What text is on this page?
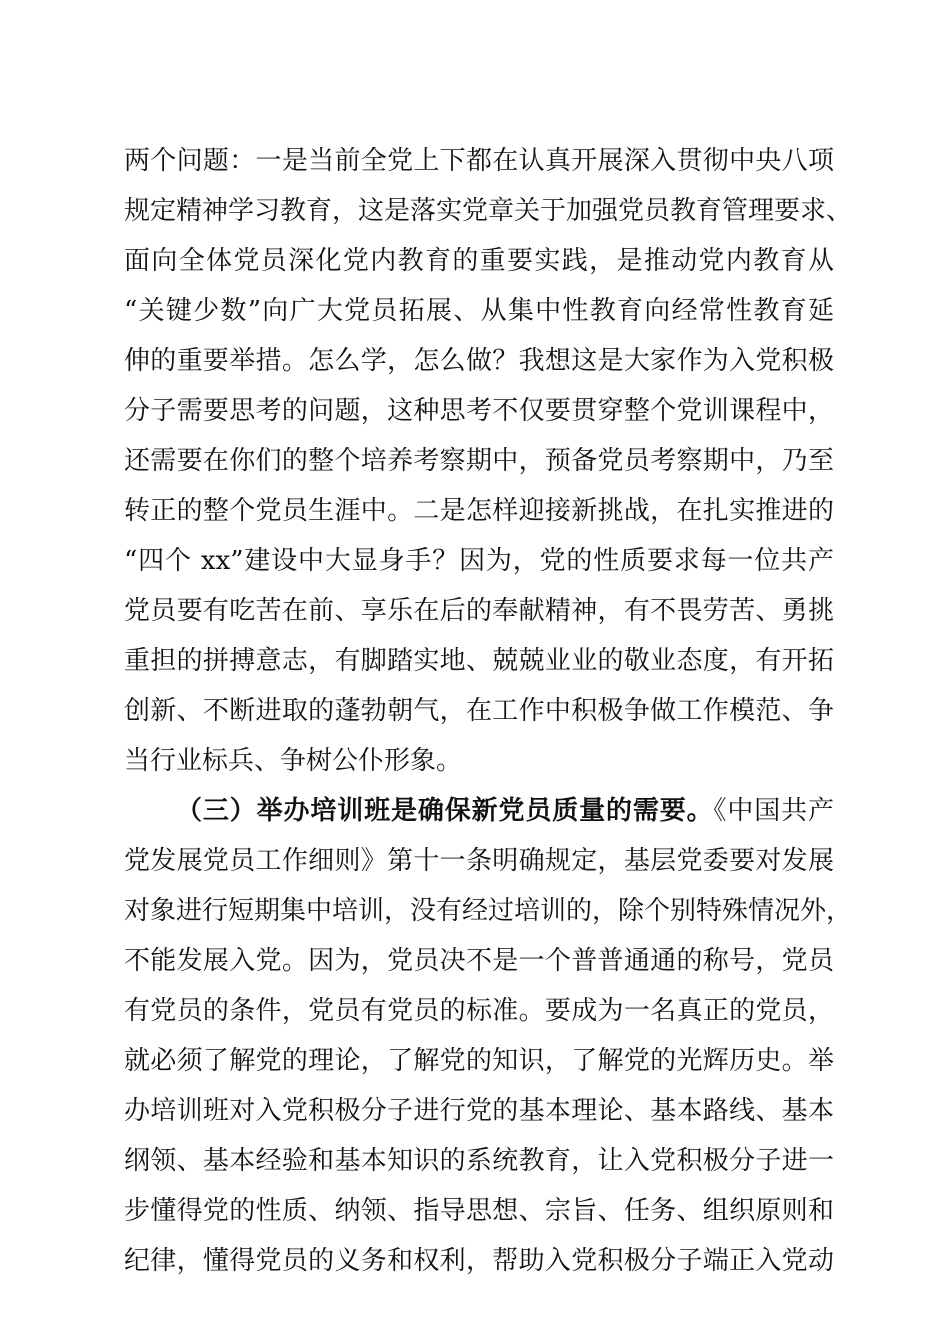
两个问题：一是当前全党上下都在认真开展深入贯彻中央八项
规定精神学习教育，这是落实党章关于加强党员教育管理要求、
面向全体党员深化党内教育的重要实践，是推动党内教育从
“关键少数”向广大党员拓展、从集中性教育向经常性教育延
伸的重要举措。怎么学，怎么做？我想这是大家作为入党积极
分子需要思考的问题，这种思考不仅要贯穿整个党训课程中，
还需要在你们的整个培养考察期中，预备党员考察期中，乃至
转正的整个党员生涯中。二是怎样迎接新挑战，在扎实推进的
“四个 xx”建设中大显身手？因为，党的性质要求每一位共产
党员要有吃苦在前、享乐在后的奉献精神，有不畏劳苦、勇挑
重担的拼搏意志，有脚踏实地、兢兢业业的敬业态度，有开拓
创新、不断进取的蓬勃朝气，在工作中积极争做工作模范、争
当行业标兵、争树公仆形象。
（三）举办培训班是确保新党员质量的需要。《中国共产
党发展党员工作细则》第十一条明确规定，基层党委要对发展
对象进行短期集中培训，没有经过培训的，除个别特殊情况外，
不能发展入党。因为，党员决不是一个普普通通的称号，党员
有党员的条件，党员有党员的标准。要成为一名真正的党员，
就必须了解党的理论，了解党的知识，了解党的光辉历史。举
办培训班对入党积极分子进行党的基本理论、基本路线、基本
纲领、基本经验和基本知识的系统教育，让入党积极分子进一
步懂得党的性质、纳领、指导思想、宗旨、任务、组织原则和
纪律，懂得党员的义务和权利，帮助入党积极分子端正入党动
